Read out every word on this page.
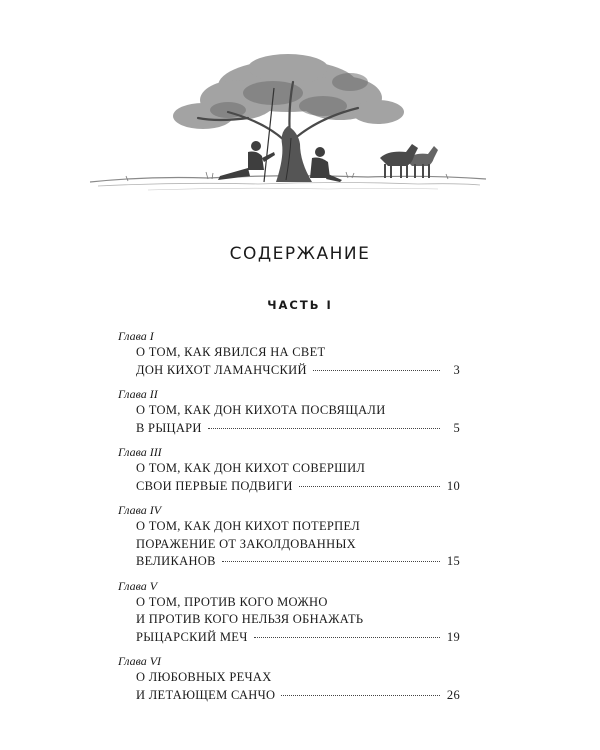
СОДЕРЖАНИЕ
ЧАСТЬ I
Глава I
О ТОМ, КАК ЯВИЛСЯ НА СВЕТ
ДОН КИХОТ ЛАМАНЧСКИЙ	3
Глава II
О ТОМ, КАК ДОН КИХОТА ПОСВЯЩАЛИ
В РЫЦАРИ	5
Глава III
О ТОМ, КАК ДОН КИХОТ СОВЕРШИЛ
СВОИ ПЕРВЫЕ ПОДВИГИ	10
Глава IV
О ТОМ, КАК ДОН КИХОТ ПОТЕРПЕЛ
ПОРАЖЕНИЕ ОТ ЗАКОЛДОВАННЫХ
ВЕЛИКАНОВ	15
Глава V
О ТОМ, ПРОТИВ КОГО МОЖНО
И ПРОТИВ КОГО НЕЛЬЗЯ ОБНАЖАТЬ
РЫЦАРСКИЙ МЕЧ	19
Глава VI
О ЛЮБОВНЫХ РЕЧАХ
И ЛЕТАЮЩЕМ САНЧО	26
